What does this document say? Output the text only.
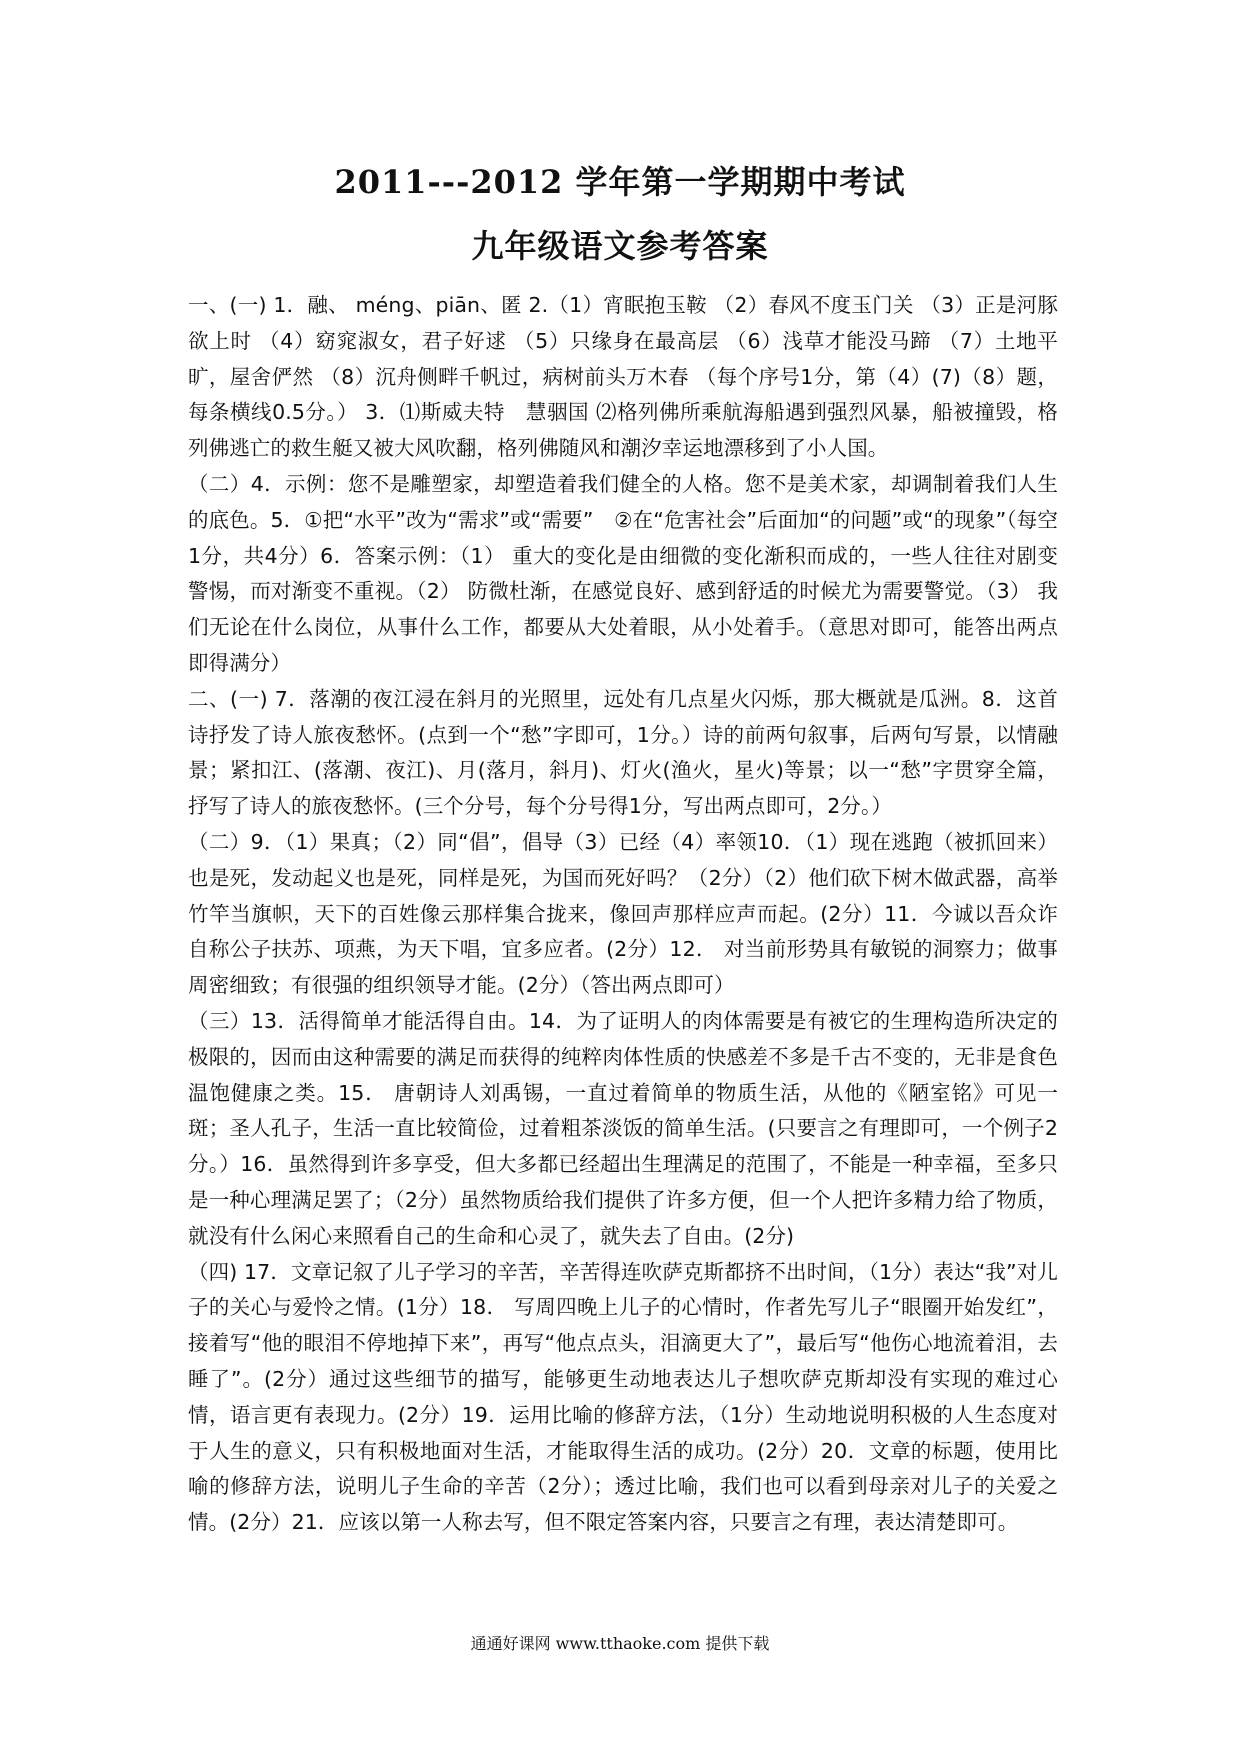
2011---2012 学年第一学期期中考试
九年级语文参考答案

一、(一) 1．融、 méng、piān、匿 2.（1）宵眠抱玉鞍 （2）春风不度玉门关 （3）正是河豚欲上时 （4）窈窕淑女，君子好逑 （5）只缘身在最高层 （6）浅草才能没马蹄 （7）土地平旷，屋舍俨然 （8）沉舟侧畔千帆过，病树前头万木春 （每个序号1分，第（4）(7)（8）题，每条横线0.5分。） 3．⑴斯威夫特　慧骃国 ⑵格列佛所乘航海船遇到强烈风暴，船被撞毁，格列佛逃亡的救生艇又被大风吹翻，格列佛随风和潮汐幸运地漂移到了小人国。

（二）4．示例：您不是雕塑家，却塑造着我们健全的人格。您不是美术家，却调制着我们人生的底色。5．①把“水平”改为“需求”或“需要”　②在“危害社会”后面加“的问题”或“的现象”（每空1分，共4分）6．答案示例：（1） 重大的变化是由细微的变化渐积而成的，一些人往往对剧变警惕，而对渐变不重视。（2） 防微杜渐，在感觉良好、感到舒适的时候尤为需要警觉。（3） 我们无论在什么岗位，从事什么工作，都要从大处着眼，从小处着手。（意思对即可，能答出两点即得满分）

二、(一) 7．落潮的夜江浸在斜月的光照里，远处有几点星火闪烁，那大概就是瓜洲。8．这首诗抒发了诗人旅夜愁怀。(点到一个“愁”字即可，1分。）诗的前两句叙事，后两句写景，以情融景；紧扣江、(落潮、夜江)、月(落月，斜月)、灯火(渔火，星火)等景；以一“愁”字贯穿全篇，抒写了诗人的旅夜愁怀。(三个分号，每个分号得1分，写出两点即可，2分。）

（二）9．（1）果真；（2）同“倡”，倡导（3）已经（4）率领10．（1）现在逃跑（被抓回来）也是死，发动起义也是死，同样是死，为国而死好吗？（2分）（2）他们砍下树木做武器，高举竹竿当旗帜，天下的百姓像云那样集合拢来，像回声那样应声而起。(2分）11．今诚以吾众诈自称公子扶苏、项燕，为天下唱，宜多应者。(2分）12． 对当前形势具有敏锐的洞察力；做事周密细致；有很强的组织领导才能。(2分）（答出两点即可）

（三）13．活得简单才能活得自由。14．为了证明人的肉体需要是有被它的生理构造所决定的极限的，因而由这种需要的满足而获得的纯粹肉体性质的快感差不多是千古不变的，无非是食色温饱健康之类。15． 唐朝诗人刘禹锡，一直过着简单的物质生活，从他的《陋室铭》可见一斑；圣人孔子，生活一直比较简俭，过着粗茶淡饭的简单生活。(只要言之有理即可，一个例子2分。）16．虽然得到许多享受，但大多都已经超出生理满足的范围了，不能是一种幸福，至多只是一种心理满足罢了；（2分）虽然物质给我们提供了许多方便，但一个人把许多精力给了物质，就没有什么闲心来照看自己的生命和心灵了，就失去了自由。(2分)

（四) 17．文章记叙了儿子学习的辛苦，辛苦得连吹萨克斯都挤不出时间，（1分）表达“我”对儿子的关心与爱怜之情。(1分）18． 写周四晚上儿子的心情时，作者先写儿子“眼圈开始发红”，接着写“他的眼泪不停地掉下来”，再写“他点点头，泪滴更大了”，最后写“他伤心地流着泪，去睡了”。(2分）通过这些细节的描写，能够更生动地表达儿子想吹萨克斯却没有实现的难过心情，语言更有表现力。(2分）19．运用比喻的修辞方法，（1分）生动地说明积极的人生态度对于人生的意义，只有积极地面对生活，才能取得生活的成功。(2分）20．文章的标题，使用比喻的修辞方法，说明儿子生命的辛苦（2分）；透过比喻，我们也可以看到母亲对儿子的关爱之情。(2分）21．应该以第一人称去写，但不限定答案内容，只要言之有理，表达清楚即可。

通通好课网 www.tthaoke.com 提供下载
